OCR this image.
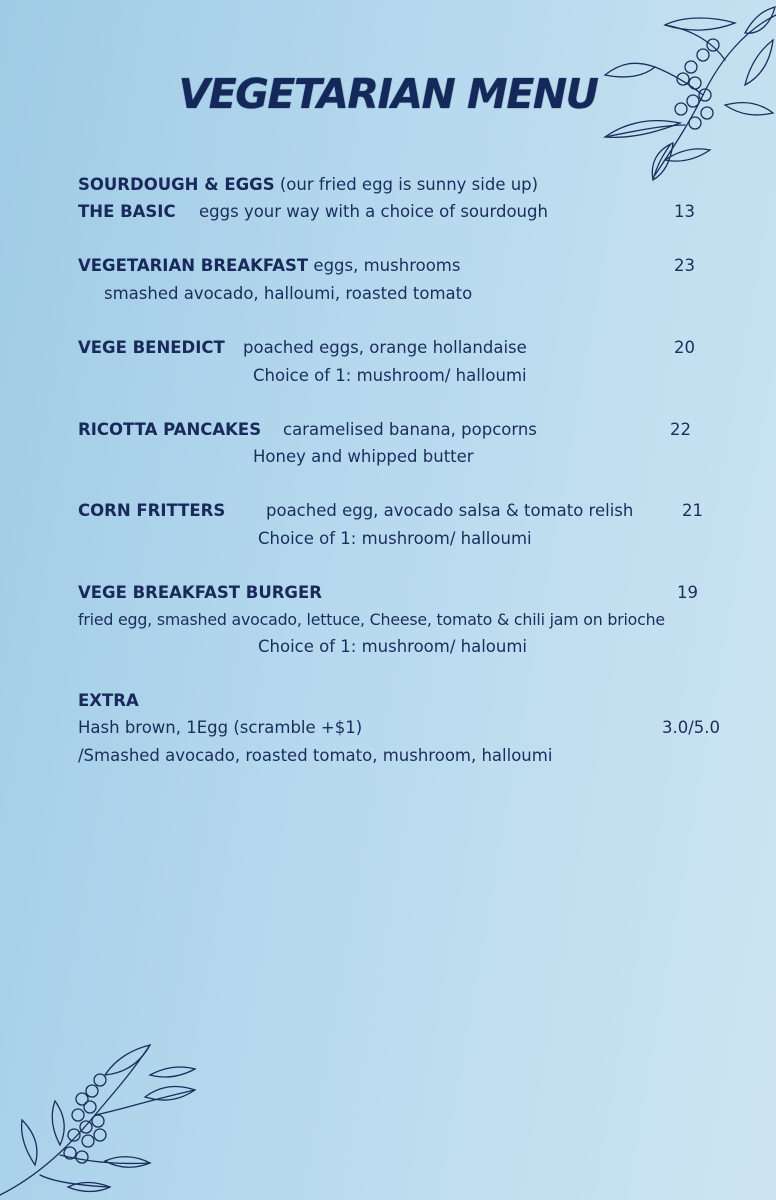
VEGETARIAN MENU
SOURDOUGH & EGGS (our fried egg is sunny side up)
THE BASIC eggs your way with a choice of sourdough	13
VEGETARIAN BREAKFAST eggs, mushrooms	23
smashed avocado, halloumi, roasted tomato
VEGE BENEDICT poached eggs, orange hollandaise	20
Choice of 1: mushroom/ halloumi
RICOTTA PANCAKES caramelised banana, popcorns	22
Honey and whipped butter
CORN FRITTERS poached egg, avocado salsa & tomato relish	21
Choice of 1: mushroom/ halloumi
VEGE BREAKFAST BURGER	19
fried egg, smashed avocado, lettuce, Cheese, tomato & chili jam on brioche
Choice of 1: mushroom/ haloumi
EXTRA
Hash brown, 1Egg (scramble +$1)	3.0/5.0
/Smashed avocado, roasted tomato, mushroom, halloumi
